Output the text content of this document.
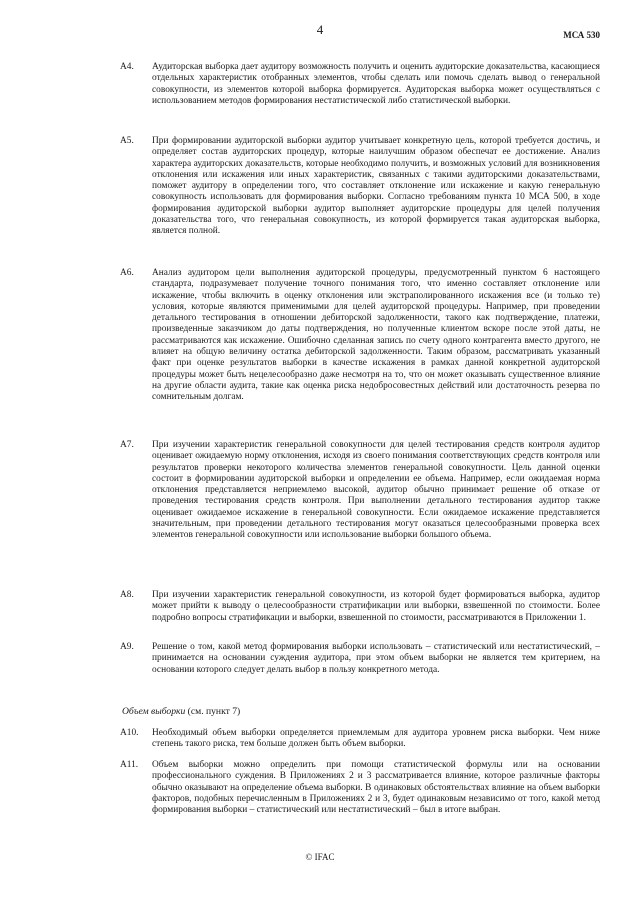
4	МСА 530
A4.	Аудиторская выборка дает аудитору возможность получить и оценить аудиторские доказательства, касающиеся отдельных характеристик отобранных элементов, чтобы сделать или помочь сделать вывод о генеральной совокупности, из элементов которой выборка формируется. Аудиторская выборка может осуществляться с использованием методов формирования нестатистической либо статистической выборки.
A5.	При формировании аудиторской выборки аудитор учитывает конкретную цель, которой требуется достичь, и определяет состав аудиторских процедур, которые наилучшим образом обеспечат ее достижение. Анализ характера аудиторских доказательств, которые необходимо получить, и возможных условий для возникновения отклонения или искажения или иных характеристик, связанных с такими аудиторскими доказательствами, поможет аудитору в определении того, что составляет отклонение или искажение и какую генеральную совокупность использовать для формирования выборки. Согласно требованиям пункта 10 МСА 500, в ходе формирования аудиторской выборки аудитор выполняет аудиторские процедуры для целей получения доказательства того, что генеральная совокупность, из которой формируется такая аудиторская выборка, является полной.
A6.	Анализ аудитором цели выполнения аудиторской процедуры, предусмотренный пунктом 6 настоящего стандарта, подразумевает получение точного понимания того, что именно составляет отклонение или искажение, чтобы включить в оценку отклонения или экстраполированного искажения все (и только те) условия, которые являются применимыми для целей аудиторской процедуры. Например, при проведении детального тестирования в отношении дебиторской задолженности, такого как подтверждение, платежи, произведенные заказчиком до даты подтверждения, но полученные клиентом вскоре после этой даты, не рассматриваются как искажение. Ошибочно сделанная запись по счету одного контрагента вместо другого, не влияет на общую величину остатка дебиторской задолженности. Таким образом, рассматривать указанный факт при оценке результатов выборки в качестве искажения в рамках данной конкретной аудиторской процедуры может быть нецелесообразно даже несмотря на то, что он может оказывать существенное влияние на другие области аудита, такие как оценка риска недобросовестных действий или достаточность резерва по сомнительным долгам.
A7.	При изучении характеристик генеральной совокупности для целей тестирования средств контроля аудитор оценивает ожидаемую норму отклонения, исходя из своего понимания соответствующих средств контроля или результатов проверки некоторого количества элементов генеральной совокупности. Цель данной оценки состоит в формировании аудиторской выборки и определении ее объема. Например, если ожидаемая норма отклонения представляется неприемлемо высокой, аудитор обычно принимает решение об отказе от проведения тестирования средств контроля. При выполнении детального тестирования аудитор также оценивает ожидаемое искажение в генеральной совокупности. Если ожидаемое искажение представляется значительным, при проведении детального тестирования могут оказаться целесообразными проверка всех элементов генеральной совокупности или использование выборки большого объема.
A8.	При изучении характеристик генеральной совокупности, из которой будет формироваться выборка, аудитор может прийти к выводу о целесообразности стратификации или выборки, взвешенной по стоимости. Более подробно вопросы стратификации и выборки, взвешенной по стоимости, рассматриваются в Приложении 1.
A9.	Решение о том, какой метод формирования выборки использовать – статистический или нестатистический, – принимается на основании суждения аудитора, при этом объем выборки не является тем критерием, на основании которого следует делать выбор в пользу конкретного метода.
Объем выборки (см. пункт 7)
A10.	Необходимый объем выборки определяется приемлемым для аудитора уровнем риска выборки. Чем ниже степень такого риска, тем больше должен быть объем выборки.
A11.	Объем выборки можно определить при помощи статистической формулы или на основании профессионального суждения. В Приложениях 2 и 3 рассматривается влияние, которое различные факторы обычно оказывают на определение объема выборки. В одинаковых обстоятельствах влияние на объем выборки факторов, подобных перечисленным в Приложениях 2 и 3, будет одинаковым независимо от того, какой метод формирования выборки – статистический или нестатистический – был в итоге выбран.
© IFAC
